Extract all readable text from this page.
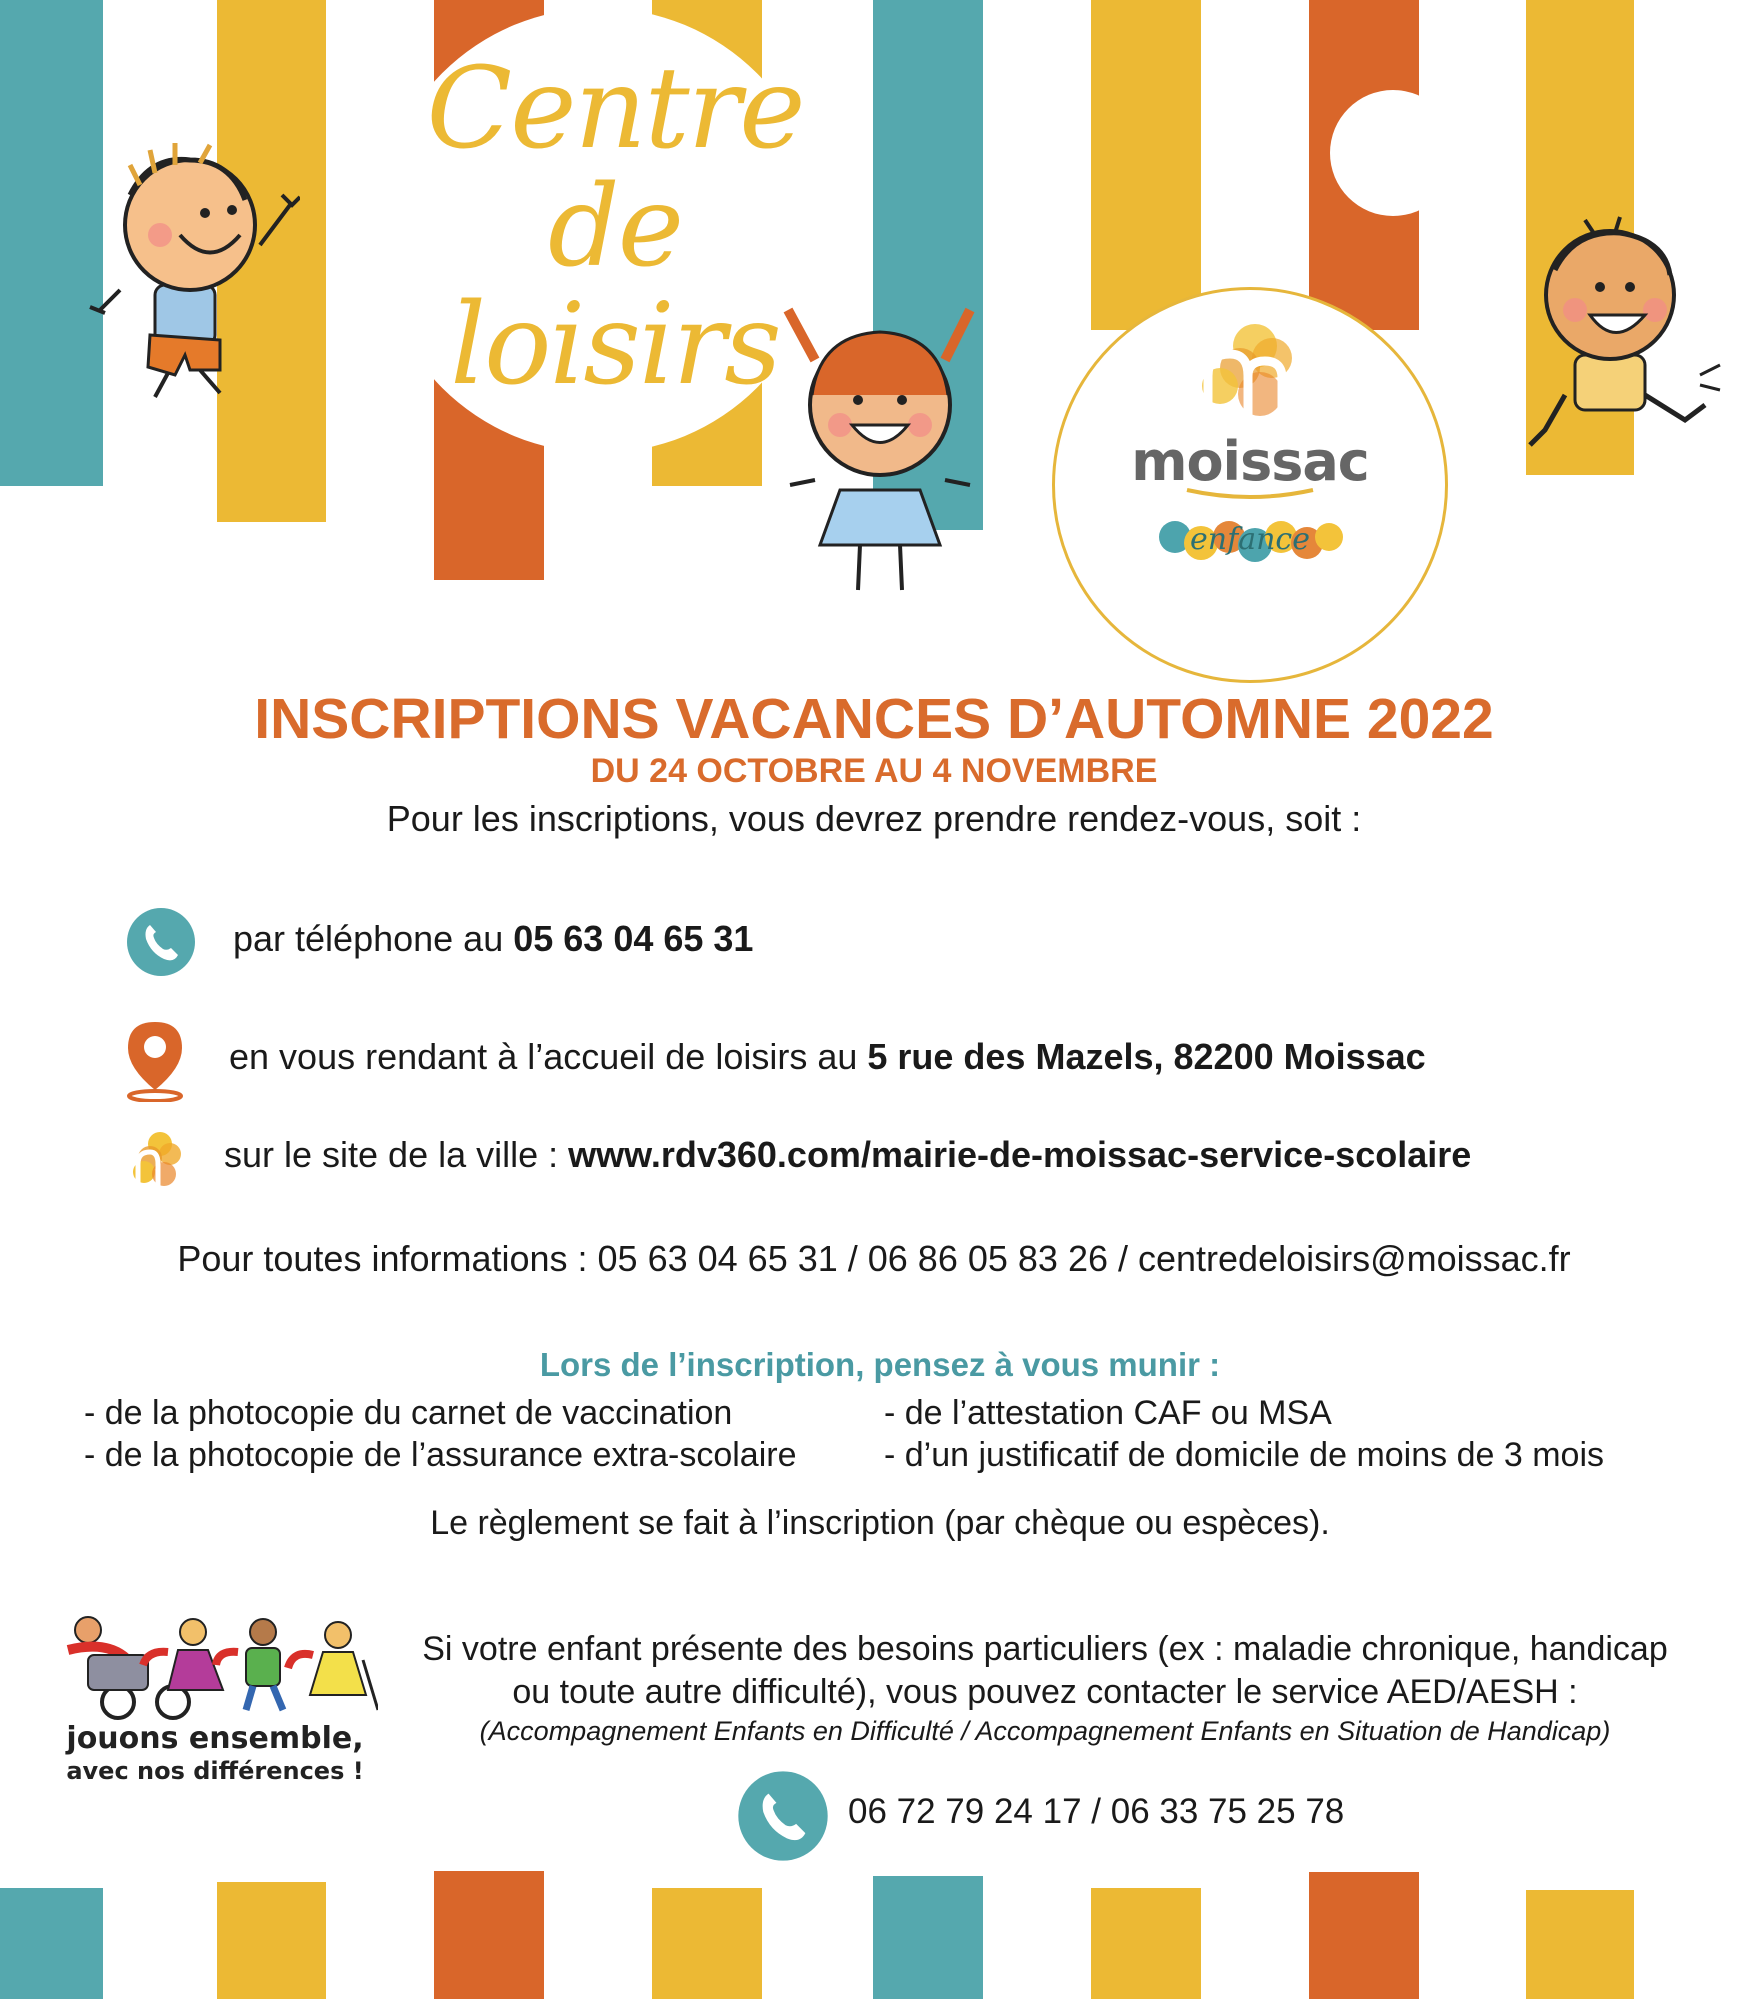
Centre
de
loisirs
moissac
enfance
INSCRIPTIONS VACANCES D’AUTOMNE 2022
DU 24 OCTOBRE AU 4 NOVEMBRE
Pour les inscriptions, vous devrez prendre rendez-vous, soit :
par téléphone au 05 63 04 65 31
en vous rendant à l’accueil de loisirs au 5 rue des Mazels, 82200 Moissac
sur le site de la ville : www.rdv360.com/mairie-de-moissac-service-scolaire
Pour toutes informations : 05 63 04 65 31 / 06 86 05 83 26 / centredeloisirs@moissac.fr
Lors de l’inscription, pensez à vous munir :
- de la photocopie du carnet de vaccination
- de la photocopie de l’assurance extra-scolaire
- de l’attestation CAF ou MSA
- d’un justificatif de domicile de moins de 3 mois
Le règlement se fait à l’inscription (par chèque ou espèces).
jouons ensemble,
avec nos différences !
Si votre enfant présente des besoins particuliers (ex : maladie chronique, handicap
ou toute autre difficulté), vous pouvez contacter le service AED/AESH :
(Accompagnement Enfants en Difficulté / Accompagnement Enfants en Situation de Handicap)
06 72 79 24 17 / 06 33 75 25 78
